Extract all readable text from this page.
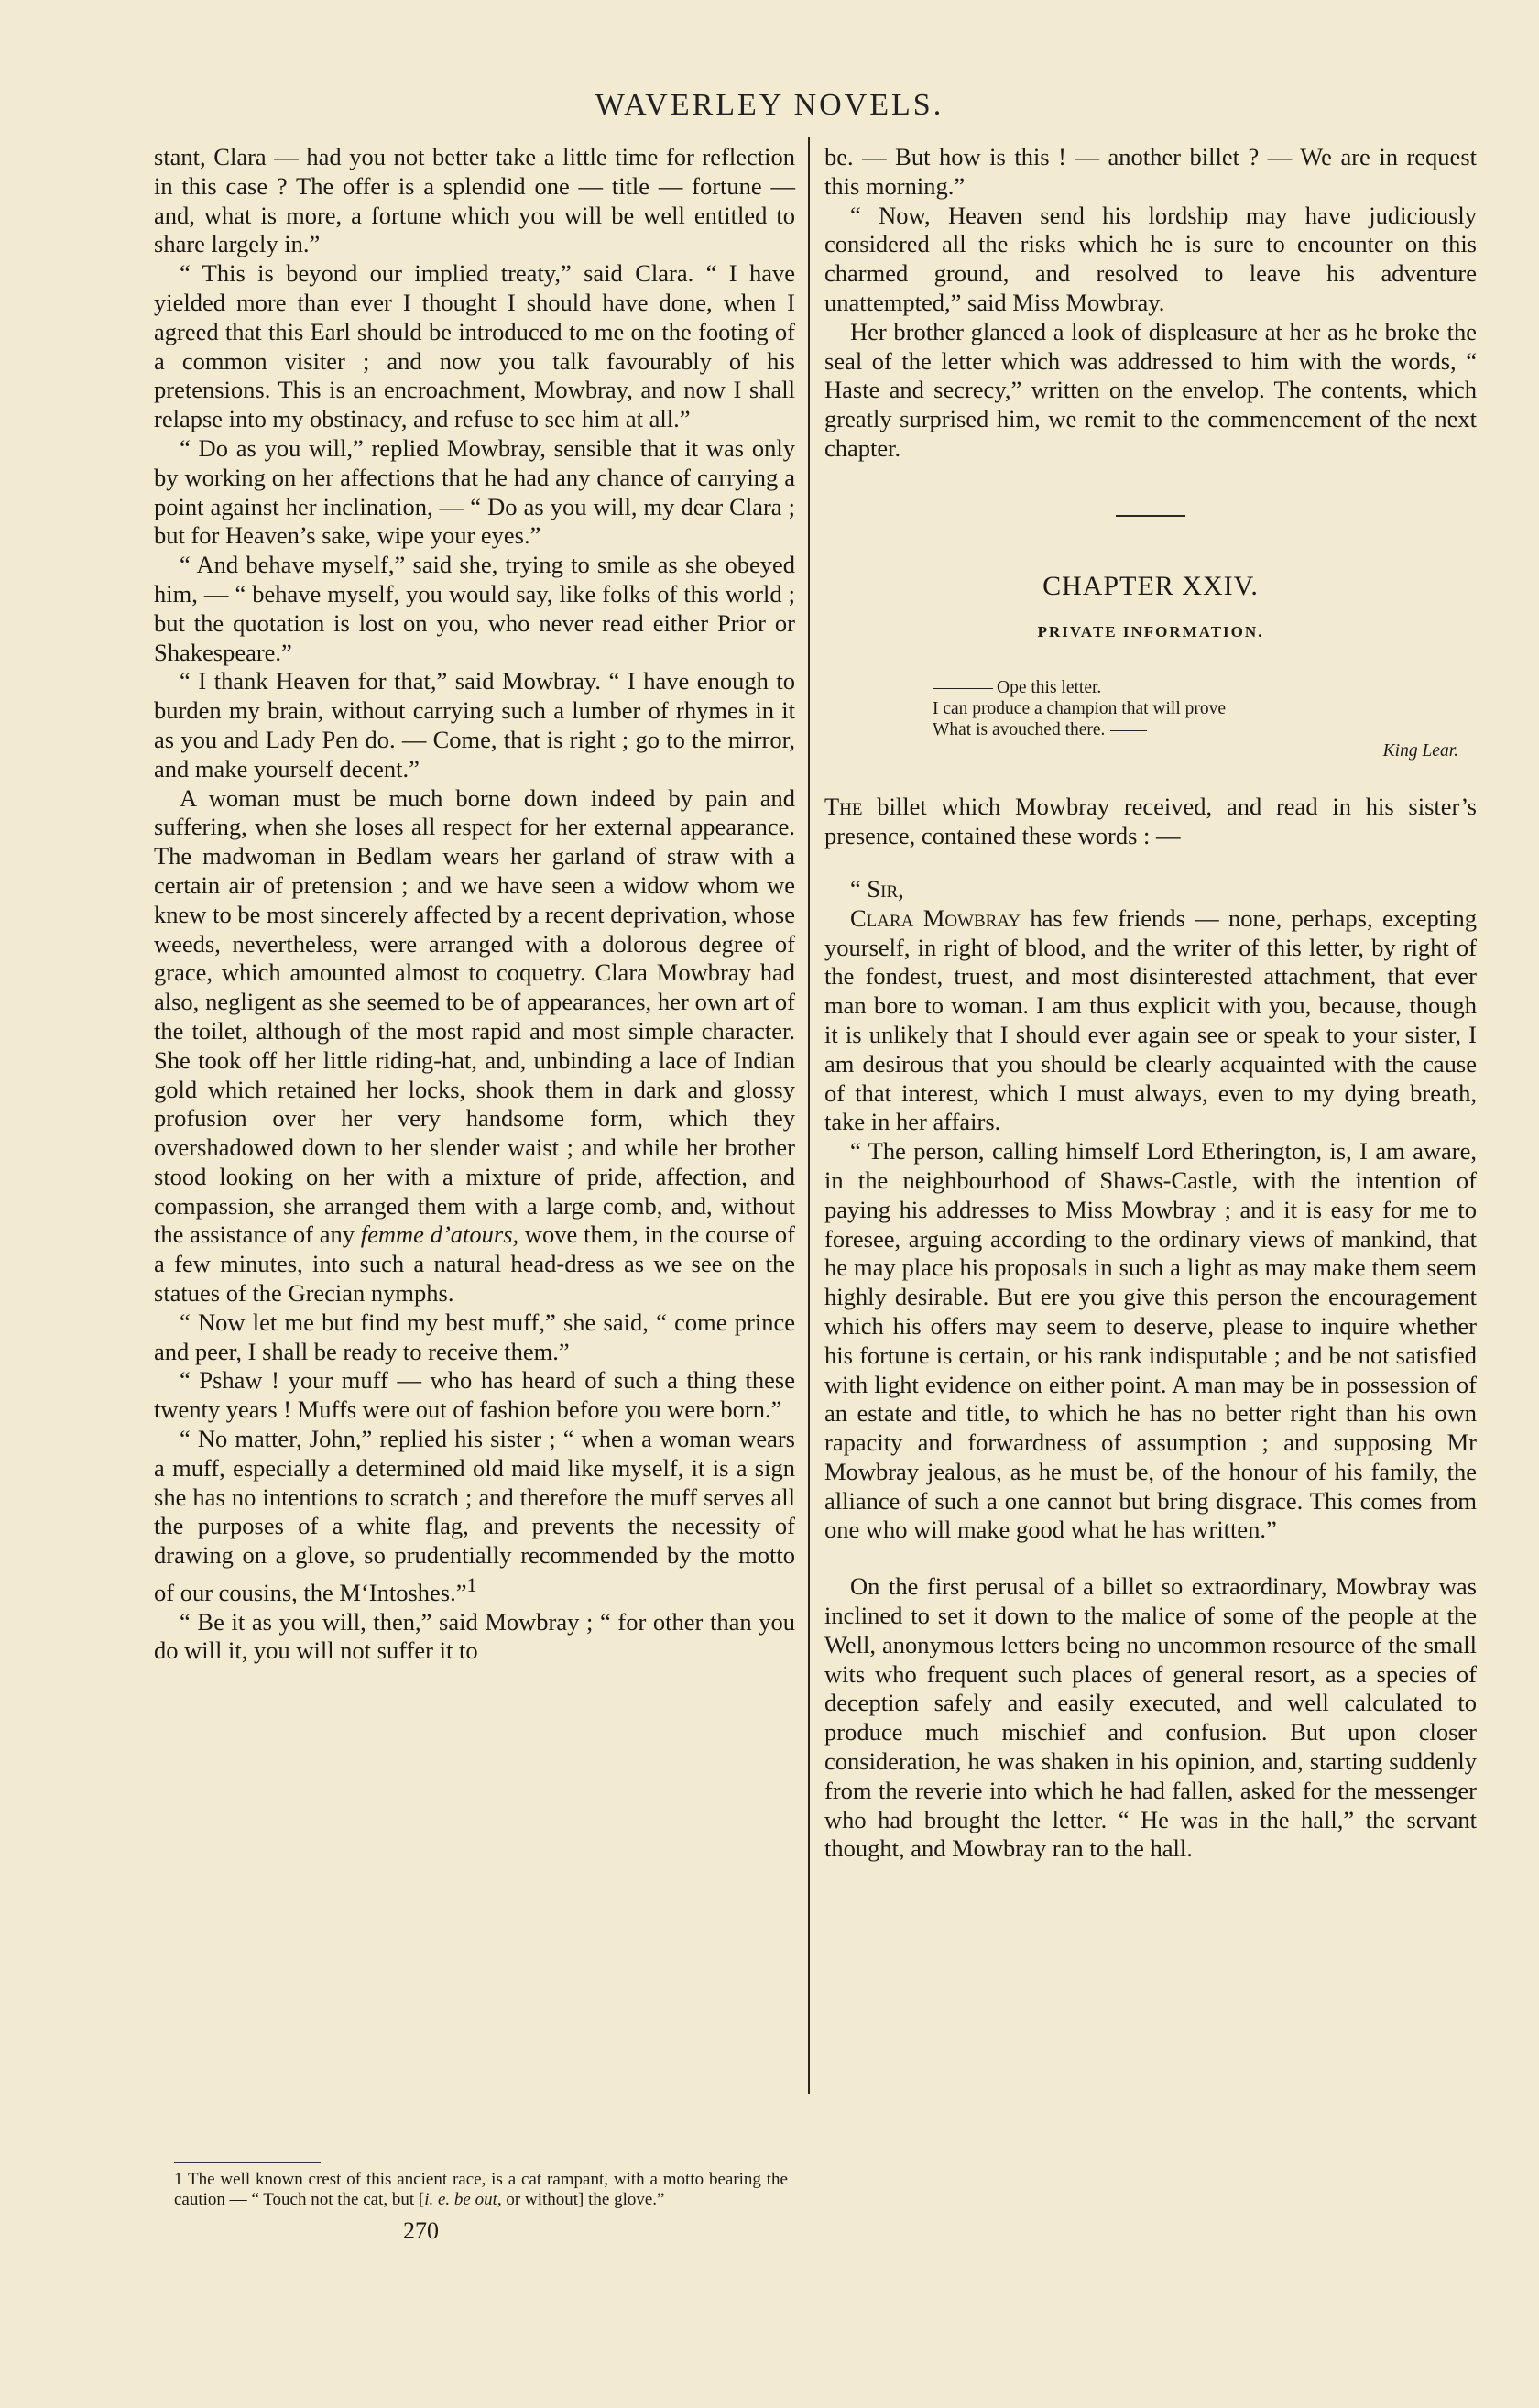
WAVERLEY NOVELS.

stant, Clara — had you not better take a little time for reflection in this case ? The offer is a splendid one — title — fortune — and, what is more, a fortune which you will be well entitled to share largely in.”

“ This is beyond our implied treaty,” said Clara. “ I have yielded more than ever I thought I should have done, when I agreed that this Earl should be introduced to me on the footing of a common visiter ; and now you talk favourably of his pretensions. This is an encroachment, Mowbray, and now I shall relapse into my obstinacy, and refuse to see him at all.”

“ Do as you will,” replied Mowbray, sensible that it was only by working on her affections that he had any chance of carrying a point against her inclination, — “ Do as you will, my dear Clara ; but for Heaven’s sake, wipe your eyes.”

“ And behave myself,” said she, trying to smile as she obeyed him, — “ behave myself, you would say, like folks of this world ; but the quotation is lost on you, who never read either Prior or Shakespeare.”

“ I thank Heaven for that,” said Mowbray. “ I have enough to burden my brain, without carrying such a lumber of rhymes in it as you and Lady Pen do. — Come, that is right ; go to the mirror, and make yourself decent.”

A woman must be much borne down indeed by pain and suffering, when she loses all respect for her external appearance. The madwoman in Bedlam wears her garland of straw with a certain air of pretension ; and we have seen a widow whom we knew to be most sincerely affected by a recent deprivation, whose weeds, nevertheless, were arranged with a dolorous degree of grace, which amounted almost to coquetry. Clara Mowbray had also, negligent as she seemed to be of appearances, her own art of the toilet, although of the most rapid and most simple character. She took off her little riding-hat, and, unbinding a lace of Indian gold which retained her locks, shook them in dark and glossy profusion over her very handsome form, which they overshadowed down to her slender waist ; and while her brother stood looking on her with a mixture of pride, affection, and compassion, she arranged them with a large comb, and, without the assistance of any femme d’atours, wove them, in the course of a few minutes, into such a natural head-dress as we see on the statues of the Grecian nymphs.

“ Now let me but find my best muff,” she said, “ come prince and peer, I shall be ready to receive them.”

“ Pshaw ! your muff — who has heard of such a thing these twenty years ! Muffs were out of fashion before you were born.”

“ No matter, John,” replied his sister ; “ when a woman wears a muff, especially a determined old maid like myself, it is a sign she has no intentions to scratch ; and therefore the muff serves all the purposes of a white flag, and prevents the necessity of drawing on a glove, so prudentially recommended by the motto of our cousins, the M‘Intoshes.”$^1$

“ Be it as you will, then,” said Mowbray ; “ for other than you do will it, you will not suffer it to

1 The well known crest of this ancient race, is a cat rampant, with a motto bearing the caution — “ Touch not the cat, but [i. e. be out, or without] the glove.”
270

be. — But how is this ! — another billet ? — We are in request this morning.”

“ Now, Heaven send his lordship may have judiciously considered all the risks which he is sure to encounter on this charmed ground, and resolved to leave his adventure unattempted,” said Miss Mowbray.

Her brother glanced a look of displeasure at her as he broke the seal of the letter which was addressed to him with the words, “ Haste and secrecy,” written on the envelop. The contents, which greatly surprised him, we remit to the commencement of the next chapter.

CHAPTER XXIV.
PRIVATE INFORMATION.
Ope this letter.
I can produce a champion that will prove
What is avouched there.
King Lear.

The billet which Mowbray received, and read in his sister’s presence, contained these words : —

“ Sir,

Clara Mowbray has few friends — none, perhaps, excepting yourself, in right of blood, and the writer of this letter, by right of the fondest, truest, and most disinterested attachment, that ever man bore to woman. I am thus explicit with you, because, though it is unlikely that I should ever again see or speak to your sister, I am desirous that you should be clearly acquainted with the cause of that interest, which I must always, even to my dying breath, take in her affairs.

“ The person, calling himself Lord Etherington, is, I am aware, in the neighbourhood of Shaws-Castle, with the intention of paying his addresses to Miss Mowbray ; and it is easy for me to foresee, arguing according to the ordinary views of mankind, that he may place his proposals in such a light as may make them seem highly desirable. But ere you give this person the encouragement which his offers may seem to deserve, please to inquire whether his fortune is certain, or his rank indisputable ; and be not satisfied with light evidence on either point. A man may be in possession of an estate and title, to which he has no better right than his own rapacity and forwardness of assumption ; and supposing Mr Mowbray jealous, as he must be, of the honour of his family, the alliance of such a one cannot but bring disgrace. This comes from one who will make good what he has written.”

On the first perusal of a billet so extraordinary, Mowbray was inclined to set it down to the malice of some of the people at the Well, anonymous letters being no uncommon resource of the small wits who frequent such places of general resort, as a species of deception safely and easily executed, and well calculated to produce much mischief and confusion. But upon closer consideration, he was shaken in his opinion, and, starting suddenly from the reverie into which he had fallen, asked for the messenger who had brought the letter. “ He was in the hall,” the servant thought, and Mowbray ran to the hall.
